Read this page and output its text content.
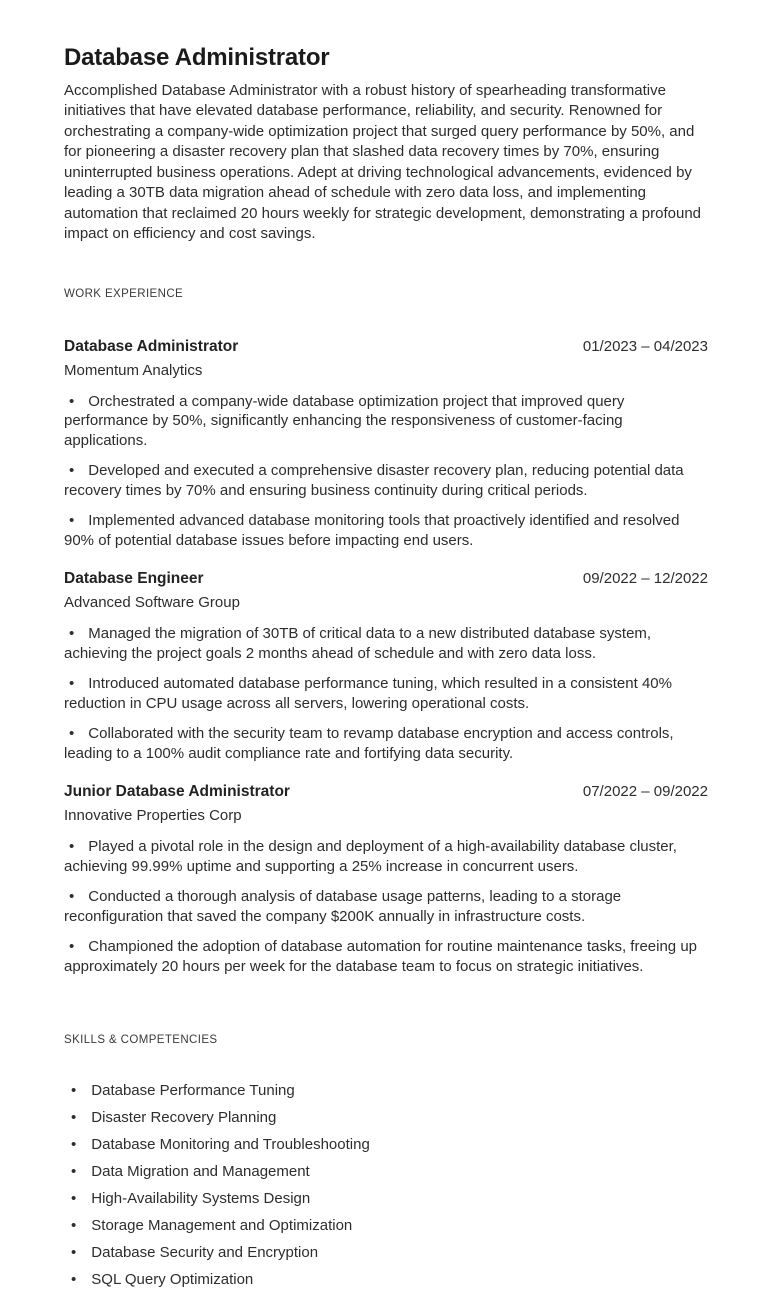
Database Administrator

Accomplished Database Administrator with a robust history of spearheading transformative initiatives that have elevated database performance, reliability, and security. Renowned for orchestrating a company-wide optimization project that surged query performance by 50%, and for pioneering a disaster recovery plan that slashed data recovery times by 70%, ensuring uninterrupted business operations. Adept at driving technological advancements, evidenced by leading a 30TB data migration ahead of schedule with zero data loss, and implementing automation that reclaimed 20 hours weekly for strategic development, demonstrating a profound impact on efficiency and cost savings.

WORK EXPERIENCE

Database Administrator	01/2023 – 04/2023
Momentum Analytics

• Orchestrated a company-wide database optimization project that improved query performance by 50%, significantly enhancing the responsiveness of customer-facing applications.

• Developed and executed a comprehensive disaster recovery plan, reducing potential data recovery times by 70% and ensuring business continuity during critical periods.

• Implemented advanced database monitoring tools that proactively identified and resolved 90% of potential database issues before impacting end users.

Database Engineer	09/2022 – 12/2022
Advanced Software Group

• Managed the migration of 30TB of critical data to a new distributed database system, achieving the project goals 2 months ahead of schedule and with zero data loss.

• Introduced automated database performance tuning, which resulted in a consistent 40% reduction in CPU usage across all servers, lowering operational costs.

• Collaborated with the security team to revamp database encryption and access controls, leading to a 100% audit compliance rate and fortifying data security.

Junior Database Administrator	07/2022 – 09/2022
Innovative Properties Corp

• Played a pivotal role in the design and deployment of a high-availability database cluster, achieving 99.99% uptime and supporting a 25% increase in concurrent users.

• Conducted a thorough analysis of database usage patterns, leading to a storage reconfiguration that saved the company $200K annually in infrastructure costs.

• Championed the adoption of database automation for routine maintenance tasks, freeing up approximately 20 hours per week for the database team to focus on strategic initiatives.

SKILLS & COMPETENCIES

• Database Performance Tuning
• Disaster Recovery Planning
• Database Monitoring and Troubleshooting
• Data Migration and Management
• High-Availability Systems Design
• Storage Management and Optimization
• Database Security and Encryption
• SQL Query Optimization
